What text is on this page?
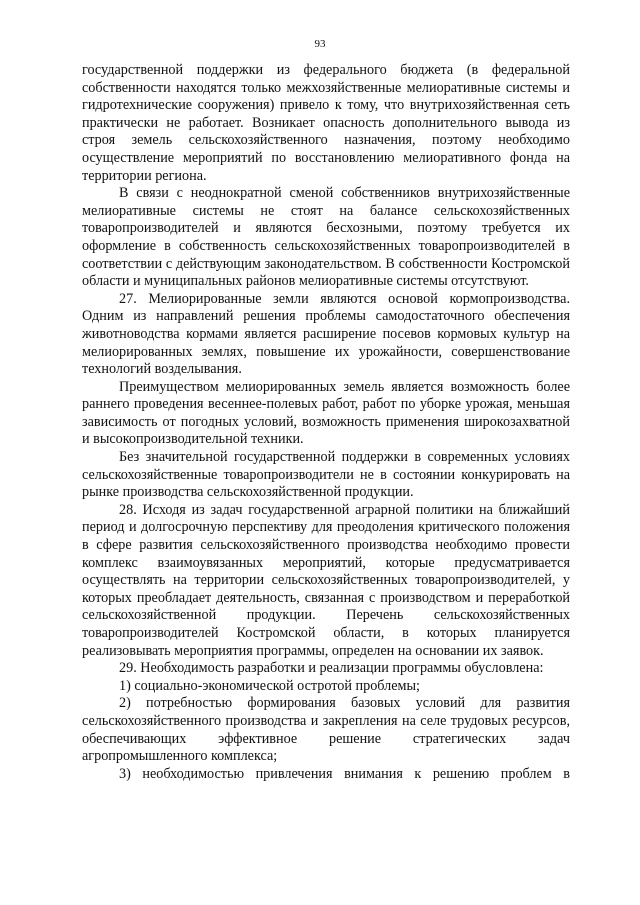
93

государственной поддержки из федерального бюджета (в федеральной собственности находятся только межхозяйственные мелиоративные системы и гидротехнические сооружения) привело к тому, что внутрихозяйственная сеть практически не работает. Возникает опасность дополнительного вывода из строя земель сельскохозяйственного назначения, поэтому необходимо осуществление мероприятий по восстановлению мелиоративного фонда на территории региона.

В связи с неоднократной сменой собственников внутрихозяйственные мелиоративные системы не стоят на балансе сельскохозяйственных товаропроизводителей и являются бесхозными, поэтому требуется их оформление в собственность сельскохозяйственных товаропроизводителей в соответствии с действующим законодательством. В собственности Костромской области и муниципальных районов мелиоративные системы отсутствуют.

27. Мелиорированные земли являются основой кормопроизводства. Одним из направлений решения проблемы самодостаточного обеспечения животноводства кормами является расширение посевов кормовых культур на мелиорированных землях, повышение их урожайности, совершенствование технологий возделывания.

Преимуществом мелиорированных земель является возможность более раннего проведения весеннее-полевых работ, работ по уборке урожая, меньшая зависимость от погодных условий, возможность применения широкозахватной и высокопроизводительной техники.

Без значительной государственной поддержки в современных условиях сельскохозяйственные товаропроизводители не в состоянии конкурировать на рынке производства сельскохозяйственной продукции.

28. Исходя из задач государственной аграрной политики на ближайший период и долгосрочную перспективу для преодоления критического положения в сфере развития сельскохозяйственного производства необходимо провести комплекс взаимоувязанных мероприятий, которые предусматривается осуществлять на территории сельскохозяйственных товаропроизводителей, у которых преобладает деятельность, связанная с производством и переработкой сельскохозяйственной продукции. Перечень сельскохозяйственных товаропроизводителей Костромской области, в которых планируется реализовывать мероприятия программы, определен на основании их заявок.

29. Необходимость разработки и реализации программы обусловлена:

1) социально-экономической остротой проблемы;

2) потребностью формирования базовых условий для развития сельскохозяйственного производства и закрепления на селе трудовых ресурсов, обеспечивающих эффективное решение стратегических задач агропромышленного комплекса;

3) необходимостью привлечения внимания к решению проблем в
